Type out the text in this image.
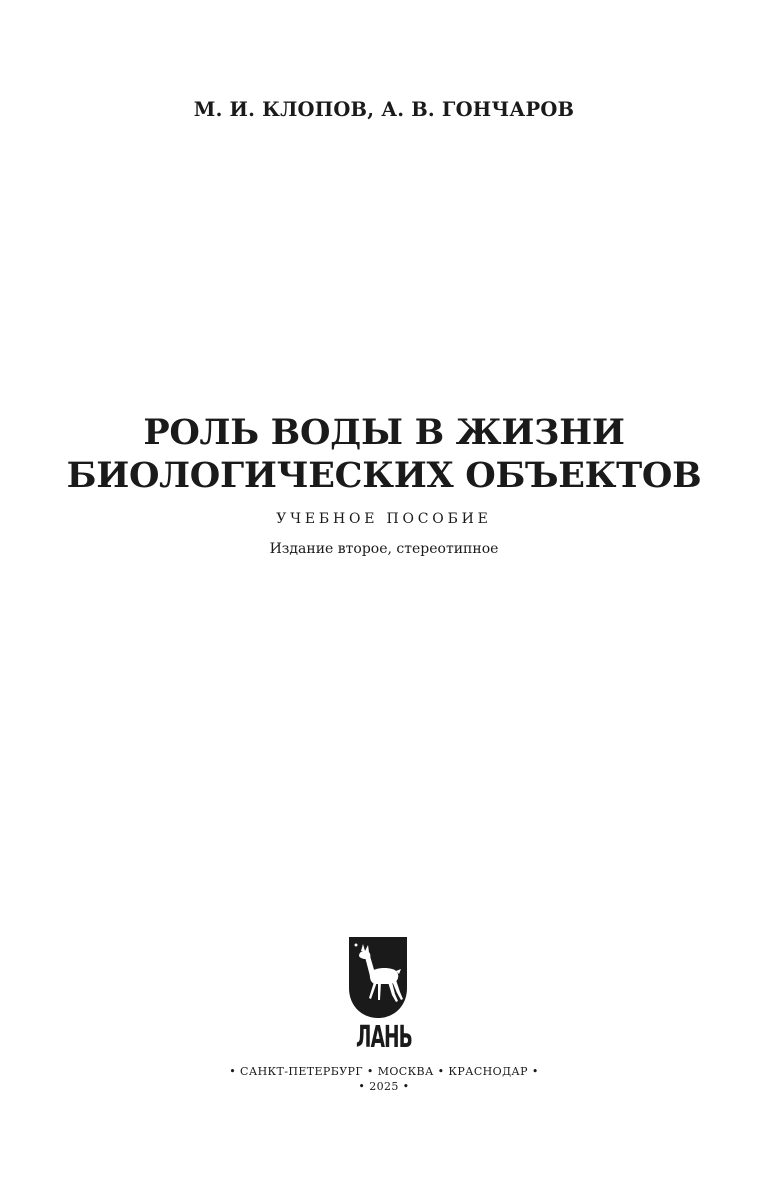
М. И. КЛОПОВ, А. В. ГОНЧАРОВ
РОЛЬ ВОДЫ В ЖИЗНИ
БИОЛОГИЧЕСКИХ ОБЪЕКТОВ
УЧЕБНОЕ ПОСОБИЕ
Издание второе, стереотипное
ЛАНЬ
• САНКТ-ПЕТЕРБУРГ • МОСКВА • КРАСНОДАР •
• 2025 •
